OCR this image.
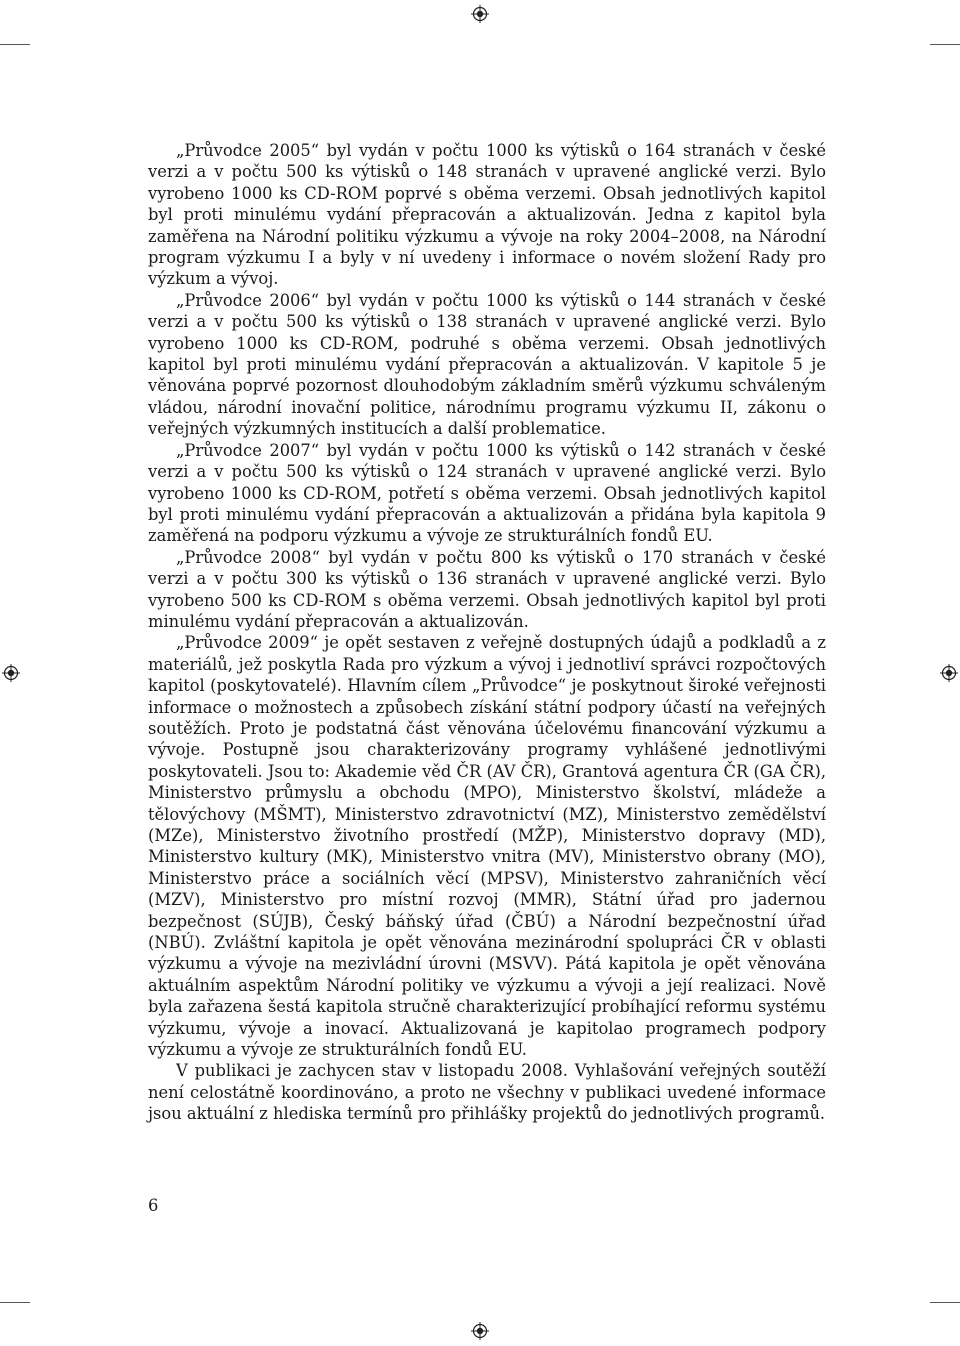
„Průvodce 2005“ byl vydán v počtu 1000 ks výtisků o 164 stranách v české verzi a v počtu 500 ks výtisků o 148 stranách v upravené anglické verzi. Bylo vyrobeno 1000 ks CD-ROM poprvé s oběma verzemi. Obsah jednotlivých kapitol byl proti minulému vydání přepracován a aktualizován. Jedna z kapitol byla zaměřena na Národní politiku výzkumu a vývoje na roky 2004–2008, na Národní program výzkumu I a byly v ní uvedeny i informace o novém složení Rady pro výzkum a vývoj.

„Průvodce 2006“ byl vydán v počtu 1000 ks výtisků o 144 stranách v české verzi a v počtu 500 ks výtisků o 138 stranách v upravené anglické verzi. Bylo vyrobeno 1000 ks CD-ROM, podruhé s oběma verzemi. Obsah jednotlivých kapitol byl proti minulému vydání přepracován a aktualizován. V kapitole 5 je věnována poprvé pozornost dlouhodobým základním směrů výzkumu schváleným vládou, národní inovační politice, národnímu programu výzkumu II, zákonu o veřejných výzkumných institucích a další problematice.

„Průvodce 2007“ byl vydán v počtu 1000 ks výtisků o 142 stranách v české verzi a v počtu 500 ks výtisků o 124 stranách v upravené anglické verzi. Bylo vyrobeno 1000 ks CD-ROM, potřetí s oběma verzemi. Obsah jednotlivých kapitol byl proti minulému vydání přepracován a aktualizován a přidána byla kapitola 9 zaměřená na podporu výzkumu a vývoje ze strukturálních fondů EU.

„Průvodce 2008“ byl vydán v počtu 800 ks výtisků o 170 stranách v české verzi a v počtu 300 ks výtisků o 136 stranách v upravené anglické verzi. Bylo vyrobeno 500 ks CD-ROM s oběma verzemi. Obsah jednotlivých kapitol byl proti minulému vydání přepracován a aktualizován.

„Průvodce 2009“ je opět sestaven z veřejně dostupných údajů a podkladů a z materiálů, jež poskytla Rada pro výzkum a vývoj i jednotliví správci rozpočtových kapitol (poskytovatelé). Hlavním cílem „Průvodce“ je poskytnout široké veřejnosti informace o možnostech a způsobech získání státní podpory účastí na veřejných soutěžích. Proto je podstatná část věnována účelovému financování výzkumu a vývoje. Postupně jsou charakterizovány programy vyhlášené jednotlivými poskytovateli. Jsou to: Akademie věd ČR (AV ČR), Grantová agentura ČR (GA ČR), Ministerstvo průmyslu a obchodu (MPO), Ministerstvo školství, mládeže a tělovýchovy (MŠMT), Ministerstvo zdravotnictví (MZ), Ministerstvo zemědělství (MZe), Ministerstvo životního prostředí (MŽP), Ministerstvo dopravy (MD), Ministerstvo kultury (MK), Ministerstvo vnitra (MV), Ministerstvo obrany (MO), Ministerstvo práce a sociálních věcí (MPSV), Ministerstvo zahraničních věcí (MZV), Ministerstvo pro místní rozvoj (MMR), Státní úřad pro jadernou bezpečnost (SÚJB), Český báňský úřad (ČBÚ) a Národní bezpečnostní úřad (NBÚ). Zvláštní kapitola je opět věnována mezinárodní spolupráci ČR v oblasti výzkumu a vývoje na mezivládní úrovni (MSVV). Pátá kapitola je opět věnována aktuálním aspektům Národní politiky ve výzkumu a vývoji a její realizaci. Nově byla zařazena šestá kapitola stručně charakterizující probíhající reformu systému výzkumu, vývoje a inovací. Aktualizovaná je kapitolao programech podpory výzkumu a vývoje ze strukturálních fondů EU.

V publikaci je zachycen stav v listopadu 2008. Vyhlašování veřejných soutěží není celostátně koordinováno, a proto ne všechny v publikaci uvedené informace jsou aktuální z hlediska termínů pro přihlášky projektů do jednotlivých programů.

6
